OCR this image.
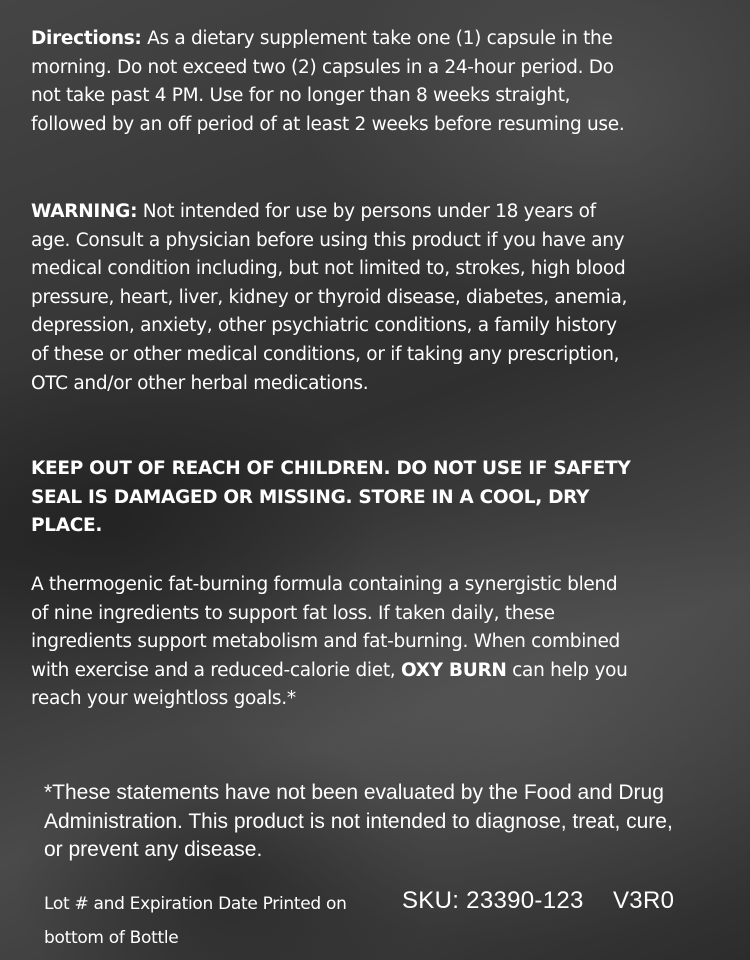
Directions: As a dietary supplement take one (1) capsule in the morning. Do not exceed two (2) capsules in a 24-hour period. Do not take past 4 PM. Use for no longer than 8 weeks straight, followed by an off period of at least 2 weeks before resuming use.
WARNING: Not intended for use by persons under 18 years of age. Consult a physician before using this product if you have any medical condition including, but not limited to, strokes, high blood pressure, heart, liver, kidney or thyroid disease, diabetes, anemia, depression, anxiety, other psychiatric conditions, a family history of these or other medical conditions, or if taking any prescription, OTC and/or other herbal medications.
KEEP OUT OF REACH OF CHILDREN. DO NOT USE IF SAFETY SEAL IS DAMAGED OR MISSING. STORE IN A COOL, DRY PLACE.
A thermogenic fat-burning formula containing a synergistic blend of nine ingredients to support fat loss. If taken daily, these ingredients support metabolism and fat-burning. When combined with exercise and a reduced-calorie diet, OXY BURN can help you reach your weightloss goals.*
*These statements have not been evaluated by the Food and Drug Administration. This product is not intended to diagnose, treat, cure, or prevent any disease.
Lot # and Expiration Date Printed on bottom of Bottle
SKU: 23390-123 V3R0
